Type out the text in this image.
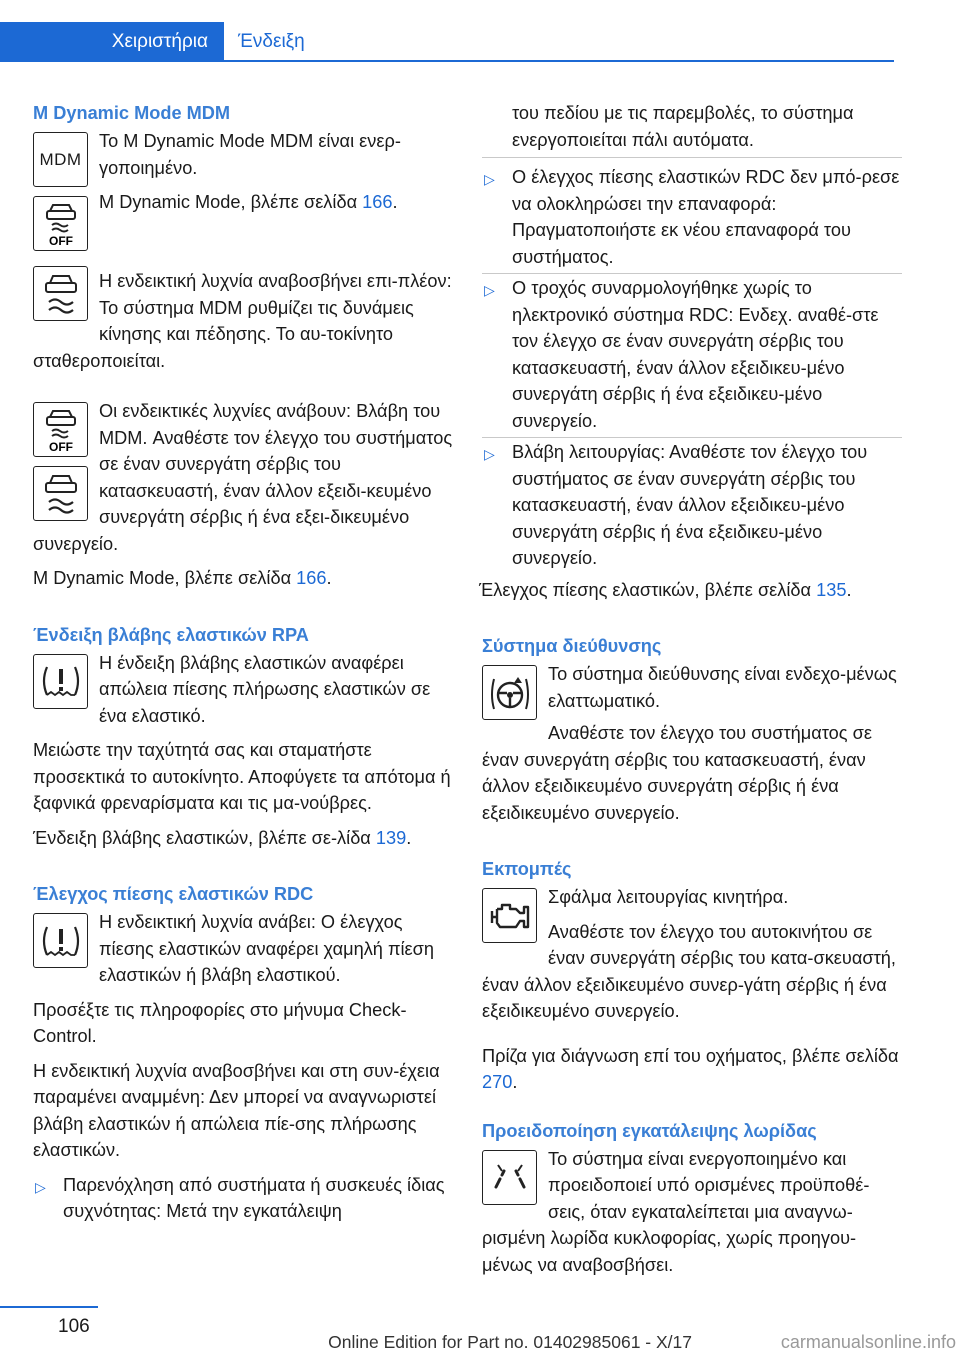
Χειριστήρια	Ένδειξη
M Dynamic Mode MDM
MDM
OFF

Το M Dynamic Mode MDM είναι ενερ-γοποιημένο.

M Dynamic Mode, βλέπε σελίδα 166.

Η ενδεικτική λυχνία αναβοσβήνει επι-πλέον: Το σύστημα MDM ρυθμίζει τις δυνάμεις κίνησης και πέδησης. Το αυ-τοκίνητο σταθεροποιείται.

OFF

Οι ενδεικτικές λυχνίες ανάβουν: Βλάβη του MDM. Αναθέστε τον έλεγχο του συστήματος σε έναν συνεργάτη σέρβις του κατασκευαστή, έναν άλλον εξειδι-κευμένο συνεργάτη σέρβις ή ένα εξει-δικευμένο συνεργείο.

M Dynamic Mode, βλέπε σελίδα 166.

Ένδειξη βλάβης ελαστικών RPA

Η ένδειξη βλάβης ελαστικών αναφέρει απώλεια πίεσης πλήρωσης ελαστικών σε ένα ελαστικό.

Μειώστε την ταχύτητά σας και σταματήστε προσεκτικά το αυτοκίνητο. Αποφύγετε τα απότομα ή ξαφνικά φρεναρίσματα και τις μα-νούβρες.

Ένδειξη βλάβης ελαστικών, βλέπε σε-λίδα 139.

Έλεγχος πίεσης ελαστικών RDC

Η ενδεικτική λυχνία ανάβει: Ο έλεγχος πίεσης ελαστικών αναφέρει χαμηλή πίεση ελαστικών ή βλάβη ελαστικού.

Προσέξτε τις πληροφορίες στο μήνυμα Check-Control.

Η ενδεικτική λυχνία αναβοσβήνει και στη συν-έχεια παραμένει αναμμένη: Δεν μπορεί να αναγνωριστεί βλάβη ελαστικών ή απώλεια πίε-σης πλήρωσης ελαστικών.

▷ Παρενόχληση από συστήματα ή συσκευές ίδιας συχνότητας: Μετά την εγκατάλειψη

του πεδίου με τις παρεμβολές, το σύστημα ενεργοποιείται πάλι αυτόματα.

▷ Ο έλεγχος πίεσης ελαστικών RDC δεν μπό-ρεσε να ολοκληρώσει την επαναφορά: Πραγματοποιήστε εκ νέου επαναφορά του συστήματος.
▷ Ο τροχός συναρμολογήθηκε χωρίς το ηλεκτρονικό σύστημα RDC: Ενδεχ. αναθέ-στε τον έλεγχο σε έναν συνεργάτη σέρβις του κατασκευαστή, έναν άλλον εξειδικευ-μένο συνεργάτη σέρβις ή ένα εξειδικευ-μένο συνεργείο.
▷ Βλάβη λειτουργίας: Αναθέστε τον έλεγχο του συστήματος σε έναν συνεργάτη σέρβις του κατασκευαστή, έναν άλλον εξειδικευ-μένο συνεργάτη σέρβις ή ένα εξειδικευ-μένο συνεργείο.

Έλεγχος πίεσης ελαστικών, βλέπε σελίδα 135.

Σύστημα διεύθυνσης

Το σύστημα διεύθυνσης είναι ενδεχο-μένως ελαττωματικό.

Αναθέστε τον έλεγχο του συστήματος σε έναν συνεργάτη σέρβις του κατασκευαστή, έναν άλλον εξειδικευμένο συνεργάτη σέρβις ή ένα εξειδικευμένο συνεργείο.

Εκπομπές

Σφάλμα λειτουργίας κινητήρα.

Αναθέστε τον έλεγχο του αυτοκινήτου σε έναν συνεργάτη σέρβις του κατα-σκευαστή, έναν άλλον εξειδικευμένο συνερ-γάτη σέρβις ή ένα εξειδικευμένο συνεργείο.

Πρίζα για διάγνωση επί του οχήματος, βλέπε σελίδα 270.

Προειδοποίηση εγκατάλειψης λωρίδας

Το σύστημα είναι ενεργοποιημένο και προειδοποιεί υπό ορισμένες προϋποθέ-σεις, όταν εγκαταλείπεται μια αναγνω-ρισμένη λωρίδα κυκλοφορίας, χωρίς προηγου-μένως να αναβοσβήσει.

106
Online Edition for Part no. 01402985061 - X/17	carmanualsonline.info
